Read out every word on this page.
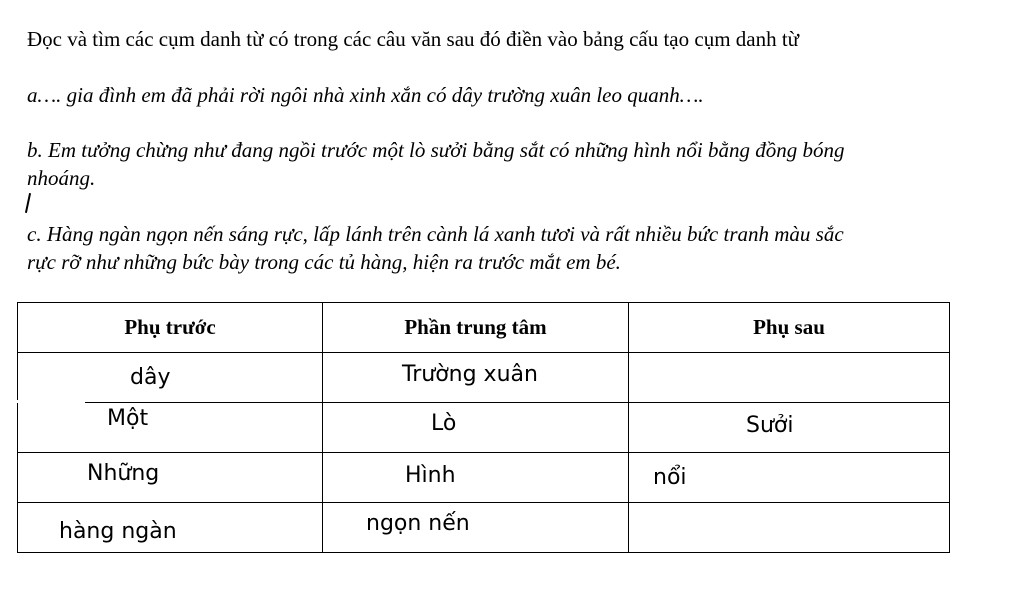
Đọc và tìm các cụm danh từ có trong các câu văn sau đó điền vào bảng cấu tạo cụm danh từ

a…. gia đình em đã phải rời ngôi nhà xinh xắn có dây trường xuân leo quanh….

b. Em tưởng chừng như đang ngồi trước một lò sưởi bằng sắt có những hình nổi bằng đồng bóng

nhoáng.

c. Hàng ngàn ngọn nến sáng rực, lấp lánh trên cành lá xanh tươi và rất nhiều bức tranh màu sắc

rực rỡ như những bức bày trong các tủ hàng, hiện ra trước mắt em bé.

Phụ trước	Phần trung tâm	Phụ sau

dây	Trường xuân	

Một	Lò	Sưởi

Những	Hình	nổi

hàng ngàn	ngọn nến	
